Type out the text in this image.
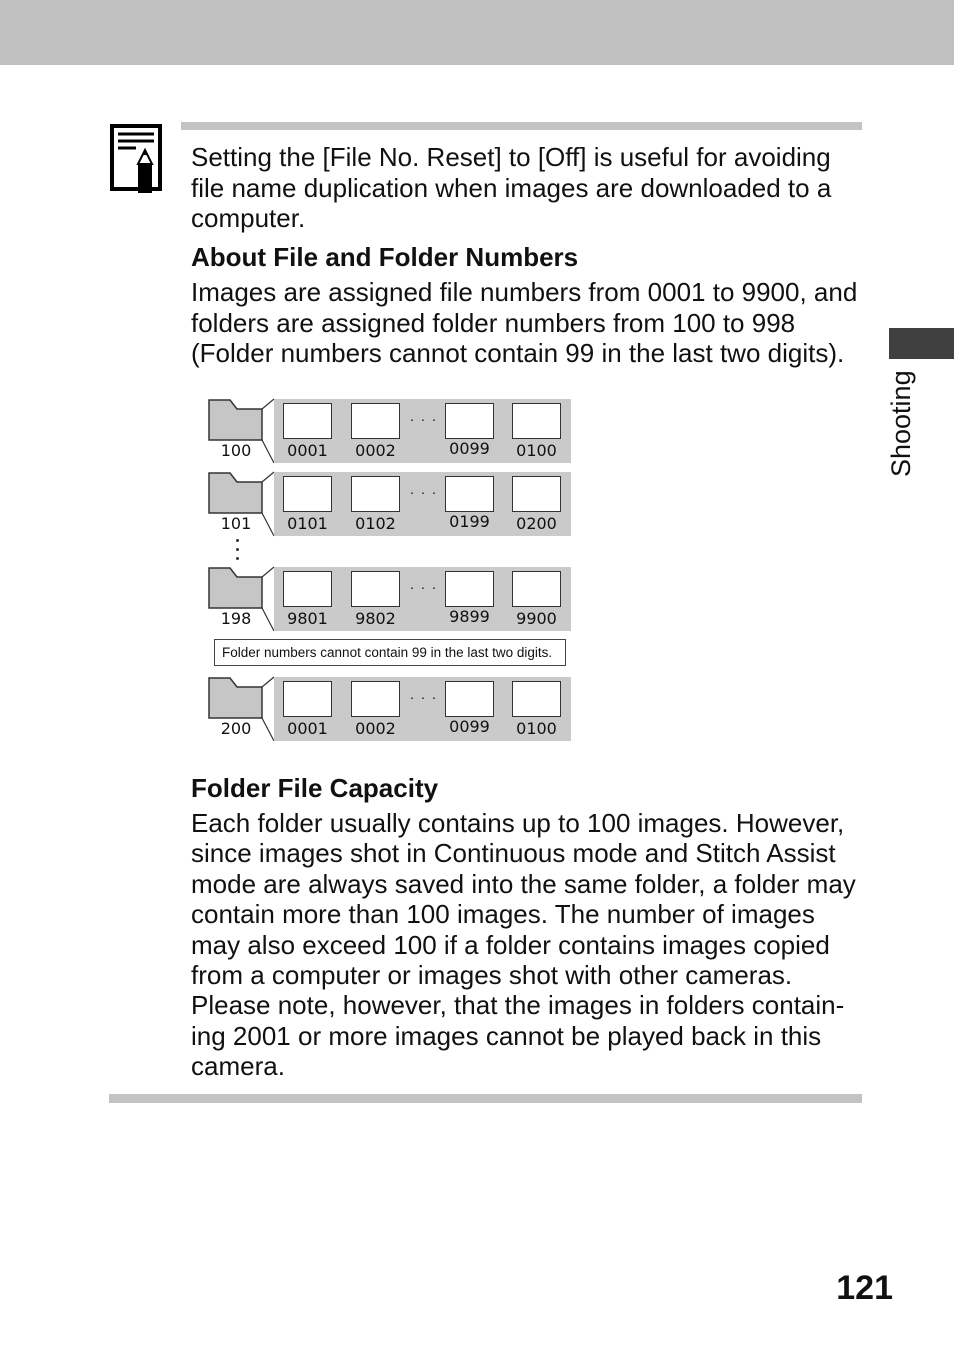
Shooting
Setting the [File No. Reset] to [Off] is useful for avoiding
file name duplication when images are downloaded to a
computer.
About File and Folder Numbers
Images are assigned file numbers from 0001 to 9900, and
folders are assigned folder numbers from 100 to 998
(Folder numbers cannot contain 99 in the last two digits).
100
. . .
0001	0002	0099	0100
101
. . .
0101	0102	0199	0200
198
. . .
9801	9802	9899	9900
Folder numbers cannot contain 99 in the last two digits.
200
. . .
0001	0002	0099	0100
Folder File Capacity
Each folder usually contains up to 100 images. However,
since images shot in Continuous mode and Stitch Assist
mode are always saved into the same folder, a folder may
contain more than 100 images. The number of images
may also exceed 100 if a folder contains images copied
from a computer or images shot with other cameras.
Please note, however, that the images in folders contain-
ing 2001 or more images cannot be played back in this
camera.
121
